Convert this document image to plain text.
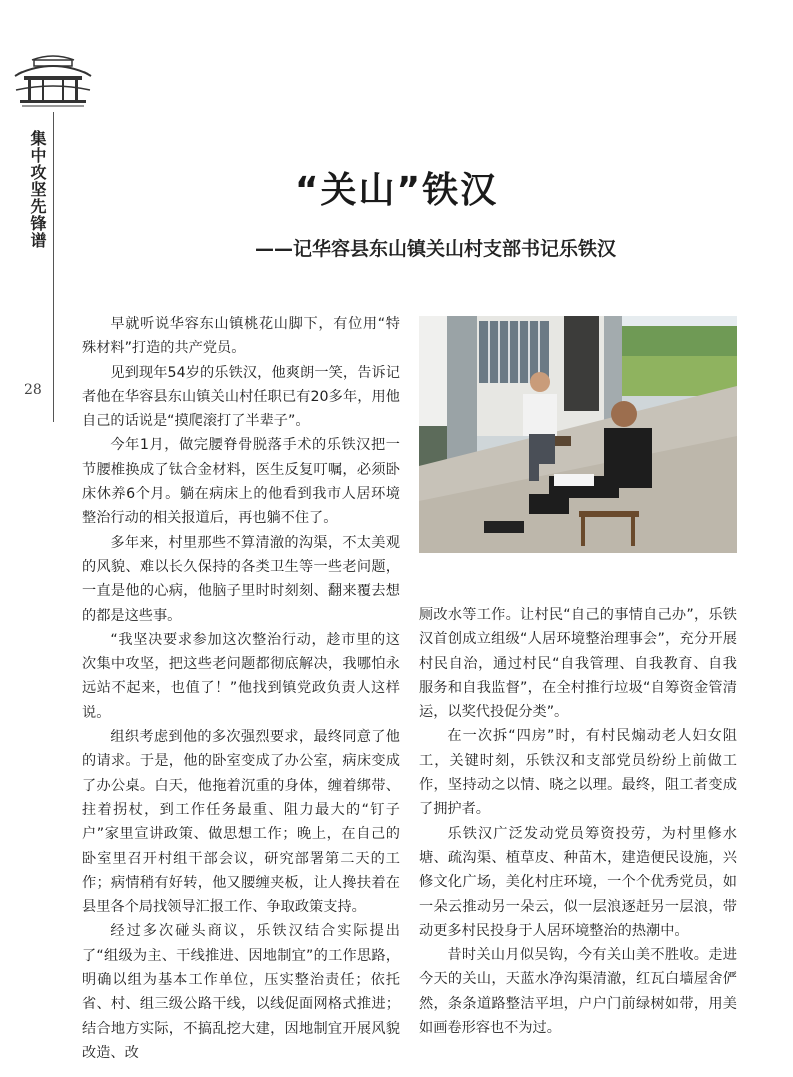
集中攻坚先锋谱
28
“关山”铁汉
——记华容县东山镇关山村支部书记乐铁汉

早就听说华容东山镇桃花山脚下，有位用“特殊材料”打造的共产党员。

见到现年54岁的乐铁汉，他爽朗一笑，告诉记者他在华容县东山镇关山村任职已有20多年，用他自己的话说是“摸爬滚打了半辈子”。

今年1月，做完腰脊骨脱落手术的乐铁汉把一节腰椎换成了钛合金材料，医生反复叮嘱，必须卧床休养6个月。躺在病床上的他看到我市人居环境整治行动的相关报道后，再也躺不住了。

多年来，村里那些不算清澈的沟渠，不太美观的风貌、难以长久保持的各类卫生等一些老问题，一直是他的心病，他脑子里时时刻刻、翻来覆去想的都是这些事。

“我坚决要求参加这次整治行动，趁市里的这次集中攻坚，把这些老问题都彻底解决，我哪怕永远站不起来，也值了！”他找到镇党政负责人这样说。

组织考虑到他的多次强烈要求，最终同意了他的请求。于是，他的卧室变成了办公室，病床变成了办公桌。白天，他拖着沉重的身体，缠着绑带、拄着拐杖，到工作任务最重、阻力最大的“钉子户”家里宣讲政策、做思想工作；晚上，在自己的卧室里召开村组干部会议，研究部署第二天的工作；病情稍有好转，他又腰缠夹板，让人搀扶着在县里各个局找领导汇报工作、争取政策支持。

经过多次碰头商议，乐铁汉结合实际提出了“组级为主、干线推进、因地制宜”的工作思路，明确以组为基本工作单位，压实整治责任；依托省、村、组三级公路干线，以线促面网格式推进；结合地方实际，不搞乱挖大建，因地制宜开展风貌改造、改

厕改水等工作。让村民“自己的事情自己办”，乐铁汉首创成立组级“人居环境整治理事会”，充分开展村民自治，通过村民“自我管理、自我教育、自我服务和自我监督”，在全村推行垃圾“自筹资金管清运，以奖代投促分类”。

在一次拆“四房”时，有村民煽动老人妇女阻工，关键时刻，乐铁汉和支部党员纷纷上前做工作，坚持动之以情、晓之以理。最终，阻工者变成了拥护者。

乐铁汉广泛发动党员筹资投劳，为村里修水塘、疏沟渠、植草皮、种苗木，建造便民设施，兴修文化广场，美化村庄环境，一个个优秀党员，如一朵云推动另一朵云，似一层浪逐赶另一层浪，带动更多村民投身于人居环境整治的热潮中。

昔时关山月似吴钩，今有关山美不胜收。走进今天的关山，天蓝水净沟渠清澈，红瓦白墙屋舍俨然，条条道路整洁平坦，户户门前绿树如带，用美如画卷形容也不为过。
